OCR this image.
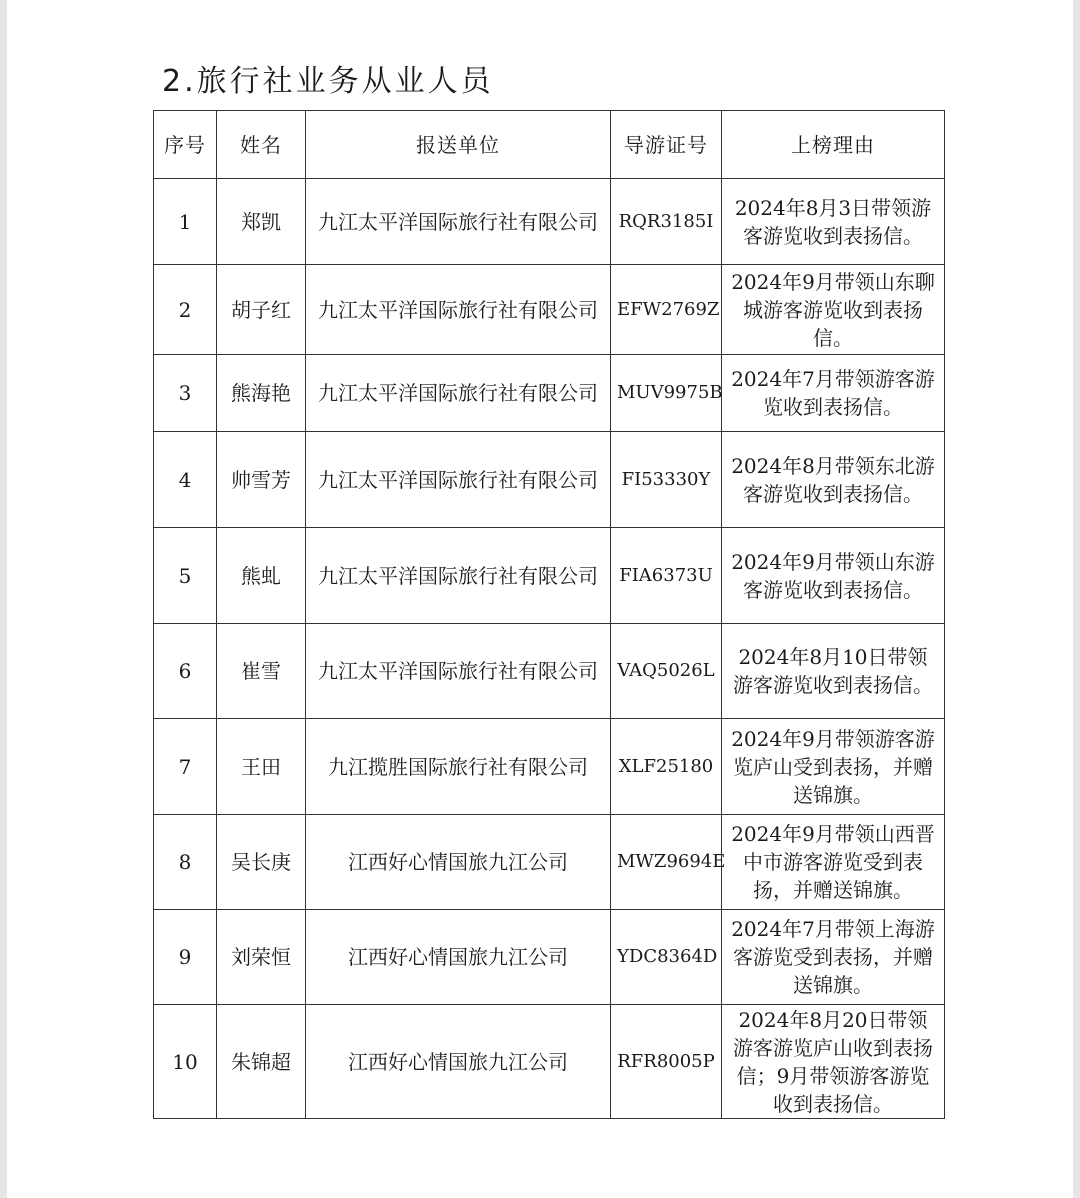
2.旅行社业务从业人员
序号	姓名	报送单位	导游证号	上榜理由
1	郑凯	九江太平洋国际旅行社有限公司	RQR3185I	2024年8月3日带领游客游览收到表扬信。
2	胡子红	九江太平洋国际旅行社有限公司	EFW2769Z	2024年9月带领山东聊城游客游览收到表扬信。
3	熊海艳	九江太平洋国际旅行社有限公司	MUV9975B	2024年7月带领游客游览收到表扬信。
4	帅雪芳	九江太平洋国际旅行社有限公司	FI53330Y	2024年8月带领东北游客游览收到表扬信。
5	熊虬	九江太平洋国际旅行社有限公司	FIA6373U	2024年9月带领山东游客游览收到表扬信。
6	崔雪	九江太平洋国际旅行社有限公司	VAQ5026L	2024年8月10日带领游客游览收到表扬信。
7	王田	九江揽胜国际旅行社有限公司	XLF25180	2024年9月带领游客游览庐山受到表扬，并赠送锦旗。
8	吴长庚	江西好心情国旅九江公司	MWZ9694E	2024年9月带领山西晋中市游客游览受到表扬，并赠送锦旗。
9	刘荣恒	江西好心情国旅九江公司	YDC8364D	2024年7月带领上海游客游览受到表扬，并赠送锦旗。
10	朱锦超	江西好心情国旅九江公司	RFR8005P	2024年8月20日带领游客游览庐山收到表扬信；9月带领游客游览收到表扬信。
